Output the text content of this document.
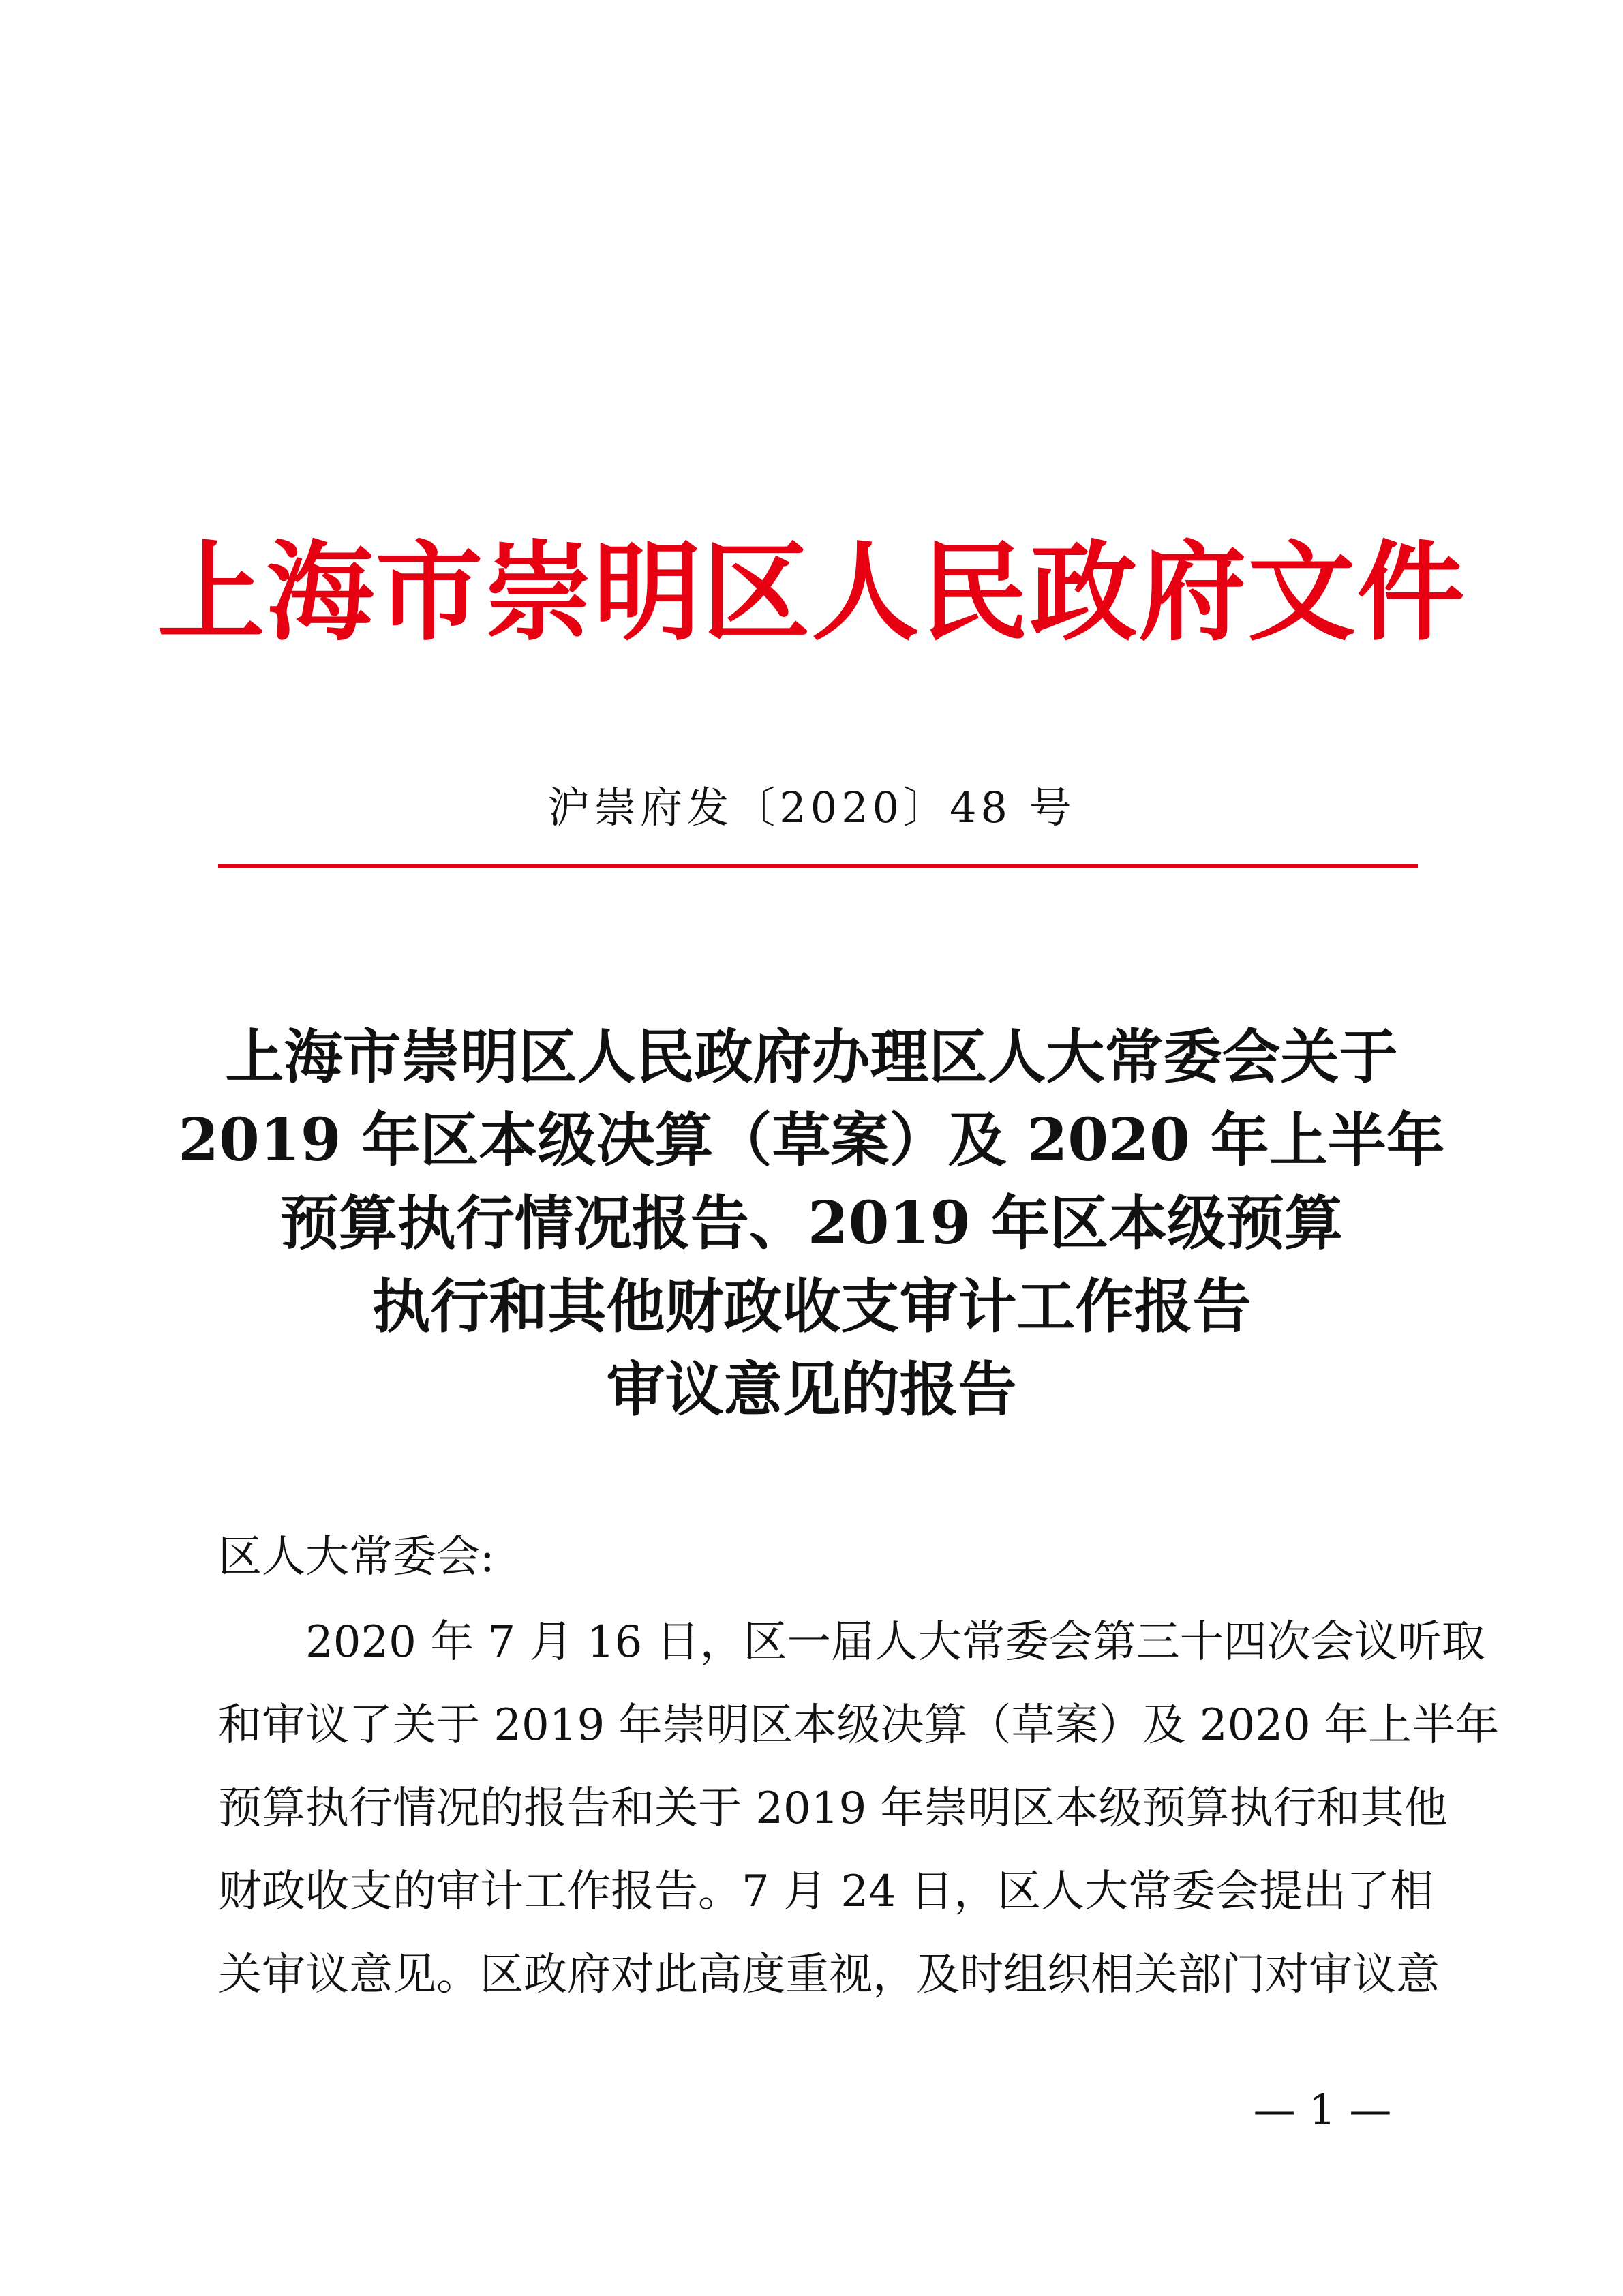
上海市崇明区人民政府文件
沪崇府发〔2020〕48 号
上海市崇明区人民政府办理区人大常委会关于
2019 年区本级决算（草案）及 2020 年上半年
预算执行情况报告、2019 年区本级预算
执行和其他财政收支审计工作报告
审议意见的报告
区人大常委会:
2020 年 7 月 16 日，区一届人大常委会第三十四次会议听取
和审议了关于 2019 年崇明区本级决算（草案）及 2020 年上半年
预算执行情况的报告和关于 2019 年崇明区本级预算执行和其他
财政收支的审计工作报告。7 月 24 日，区人大常委会提出了相
关审议意见。区政府对此高度重视，及时组织相关部门对审议意
— 1 —
